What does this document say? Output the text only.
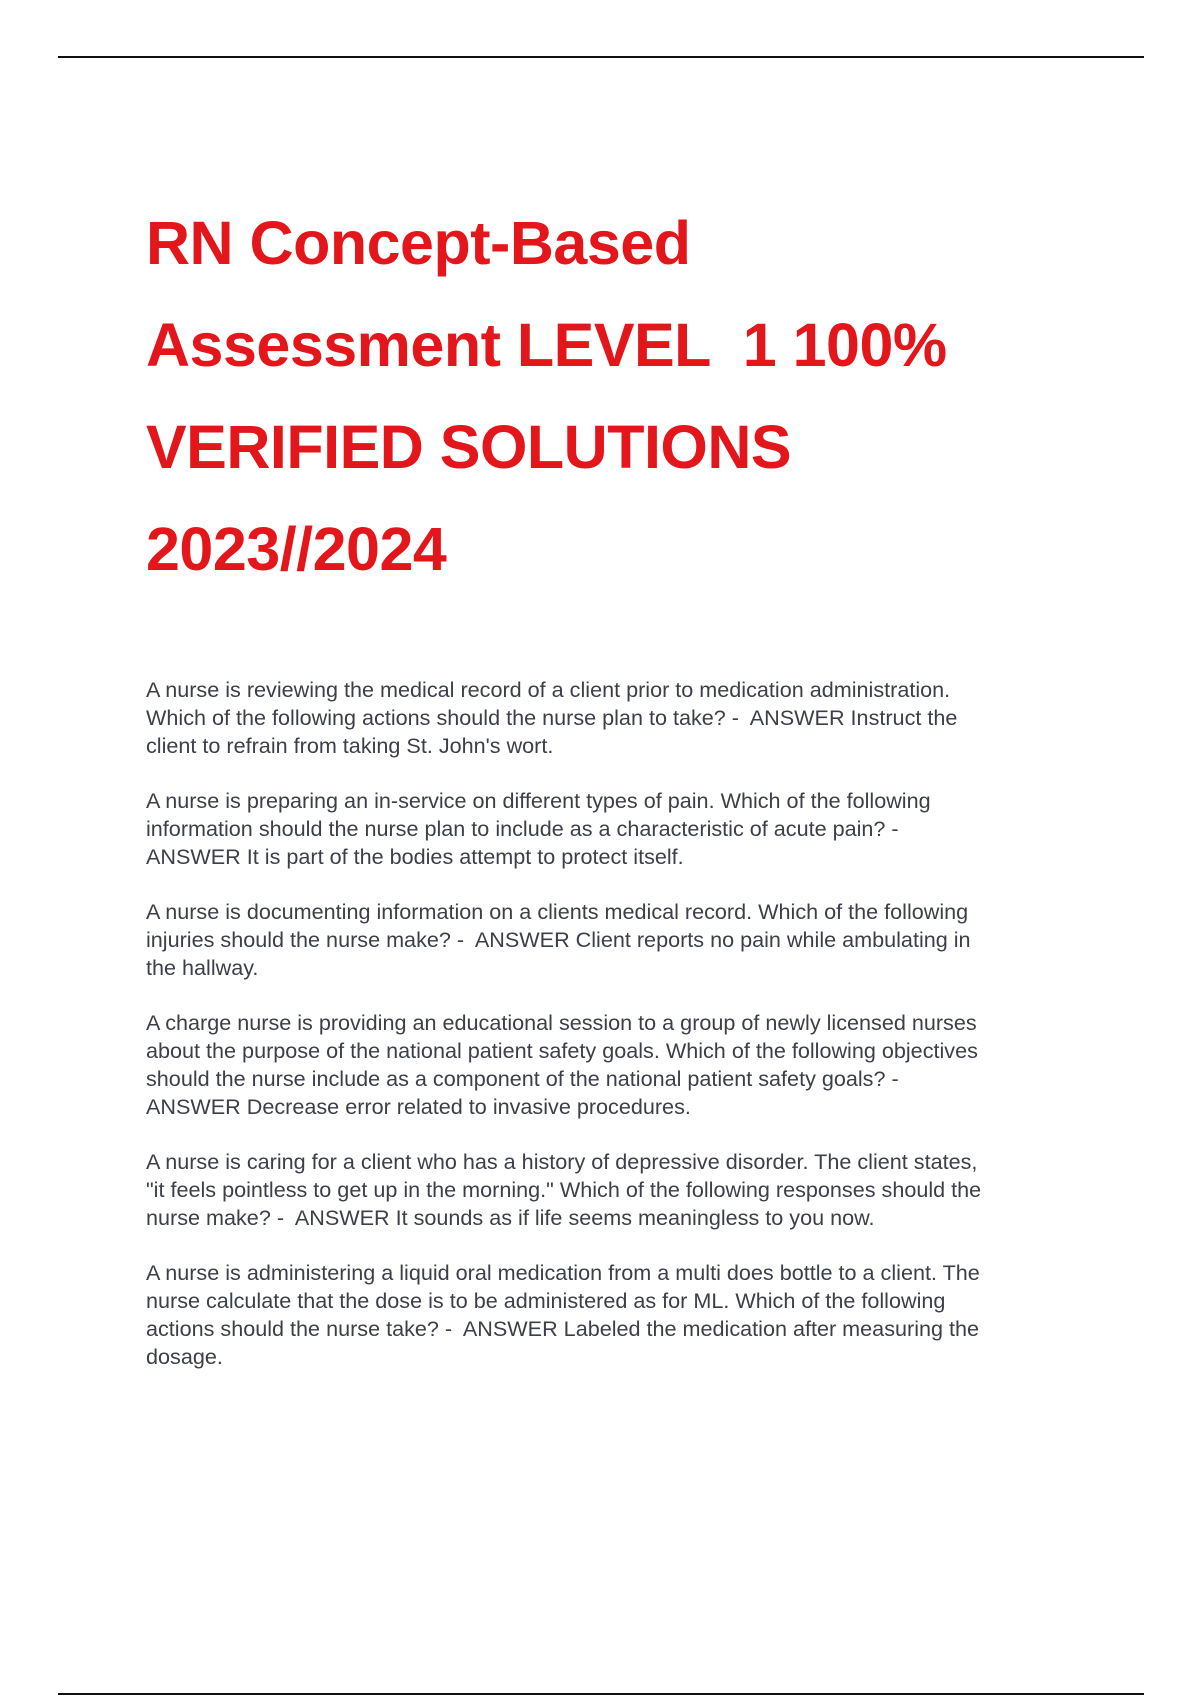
RN Concept-Based
Assessment LEVEL  1 100%
VERIFIED SOLUTIONS
2023//2024
A nurse is reviewing the medical record of a client prior to medication administration.
Which of the following actions should the nurse plan to take? -  ANSWER Instruct the
client to refrain from taking St. John's wort.
A nurse is preparing an in-service on different types of pain. Which of the following
information should the nurse plan to include as a characteristic of acute pain? -
ANSWER It is part of the bodies attempt to protect itself.
A nurse is documenting information on a clients medical record. Which of the following
injuries should the nurse make? -  ANSWER Client reports no pain while ambulating in
the hallway.
A charge nurse is providing an educational session to a group of newly licensed nurses
about the purpose of the national patient safety goals. Which of the following objectives
should the nurse include as a component of the national patient safety goals? -
ANSWER Decrease error related to invasive procedures.
A nurse is caring for a client who has a history of depressive disorder. The client states,
"it feels pointless to get up in the morning." Which of the following responses should the
nurse make? -  ANSWER It sounds as if life seems meaningless to you now.
A nurse is administering a liquid oral medication from a multi does bottle to a client. The
nurse calculate that the dose is to be administered as for ML. Which of the following
actions should the nurse take? -  ANSWER Labeled the medication after measuring the
dosage.
